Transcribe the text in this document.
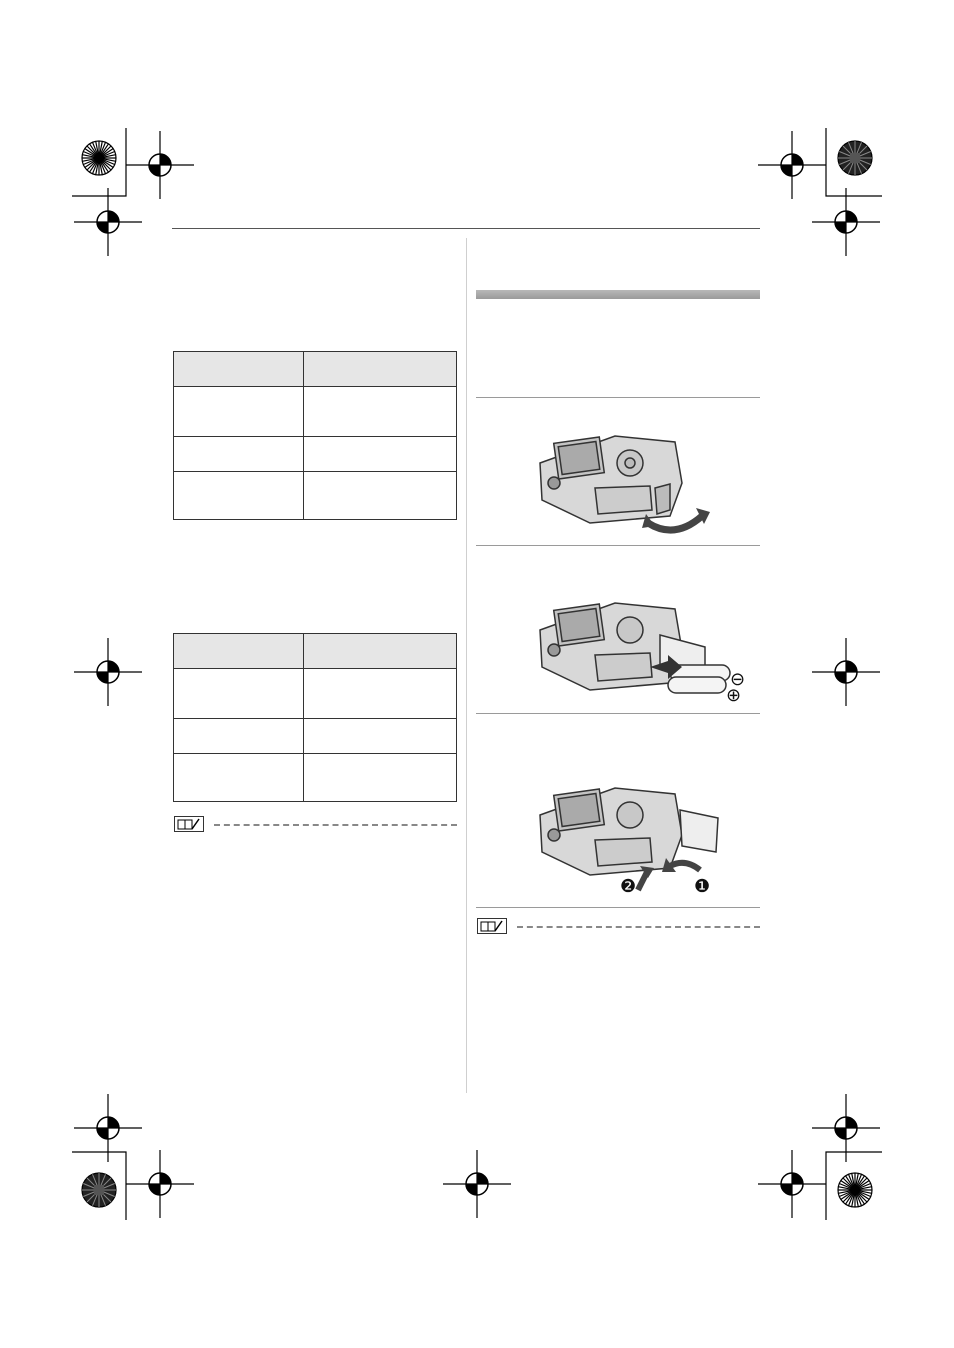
⊖
⊕
❷	❶
